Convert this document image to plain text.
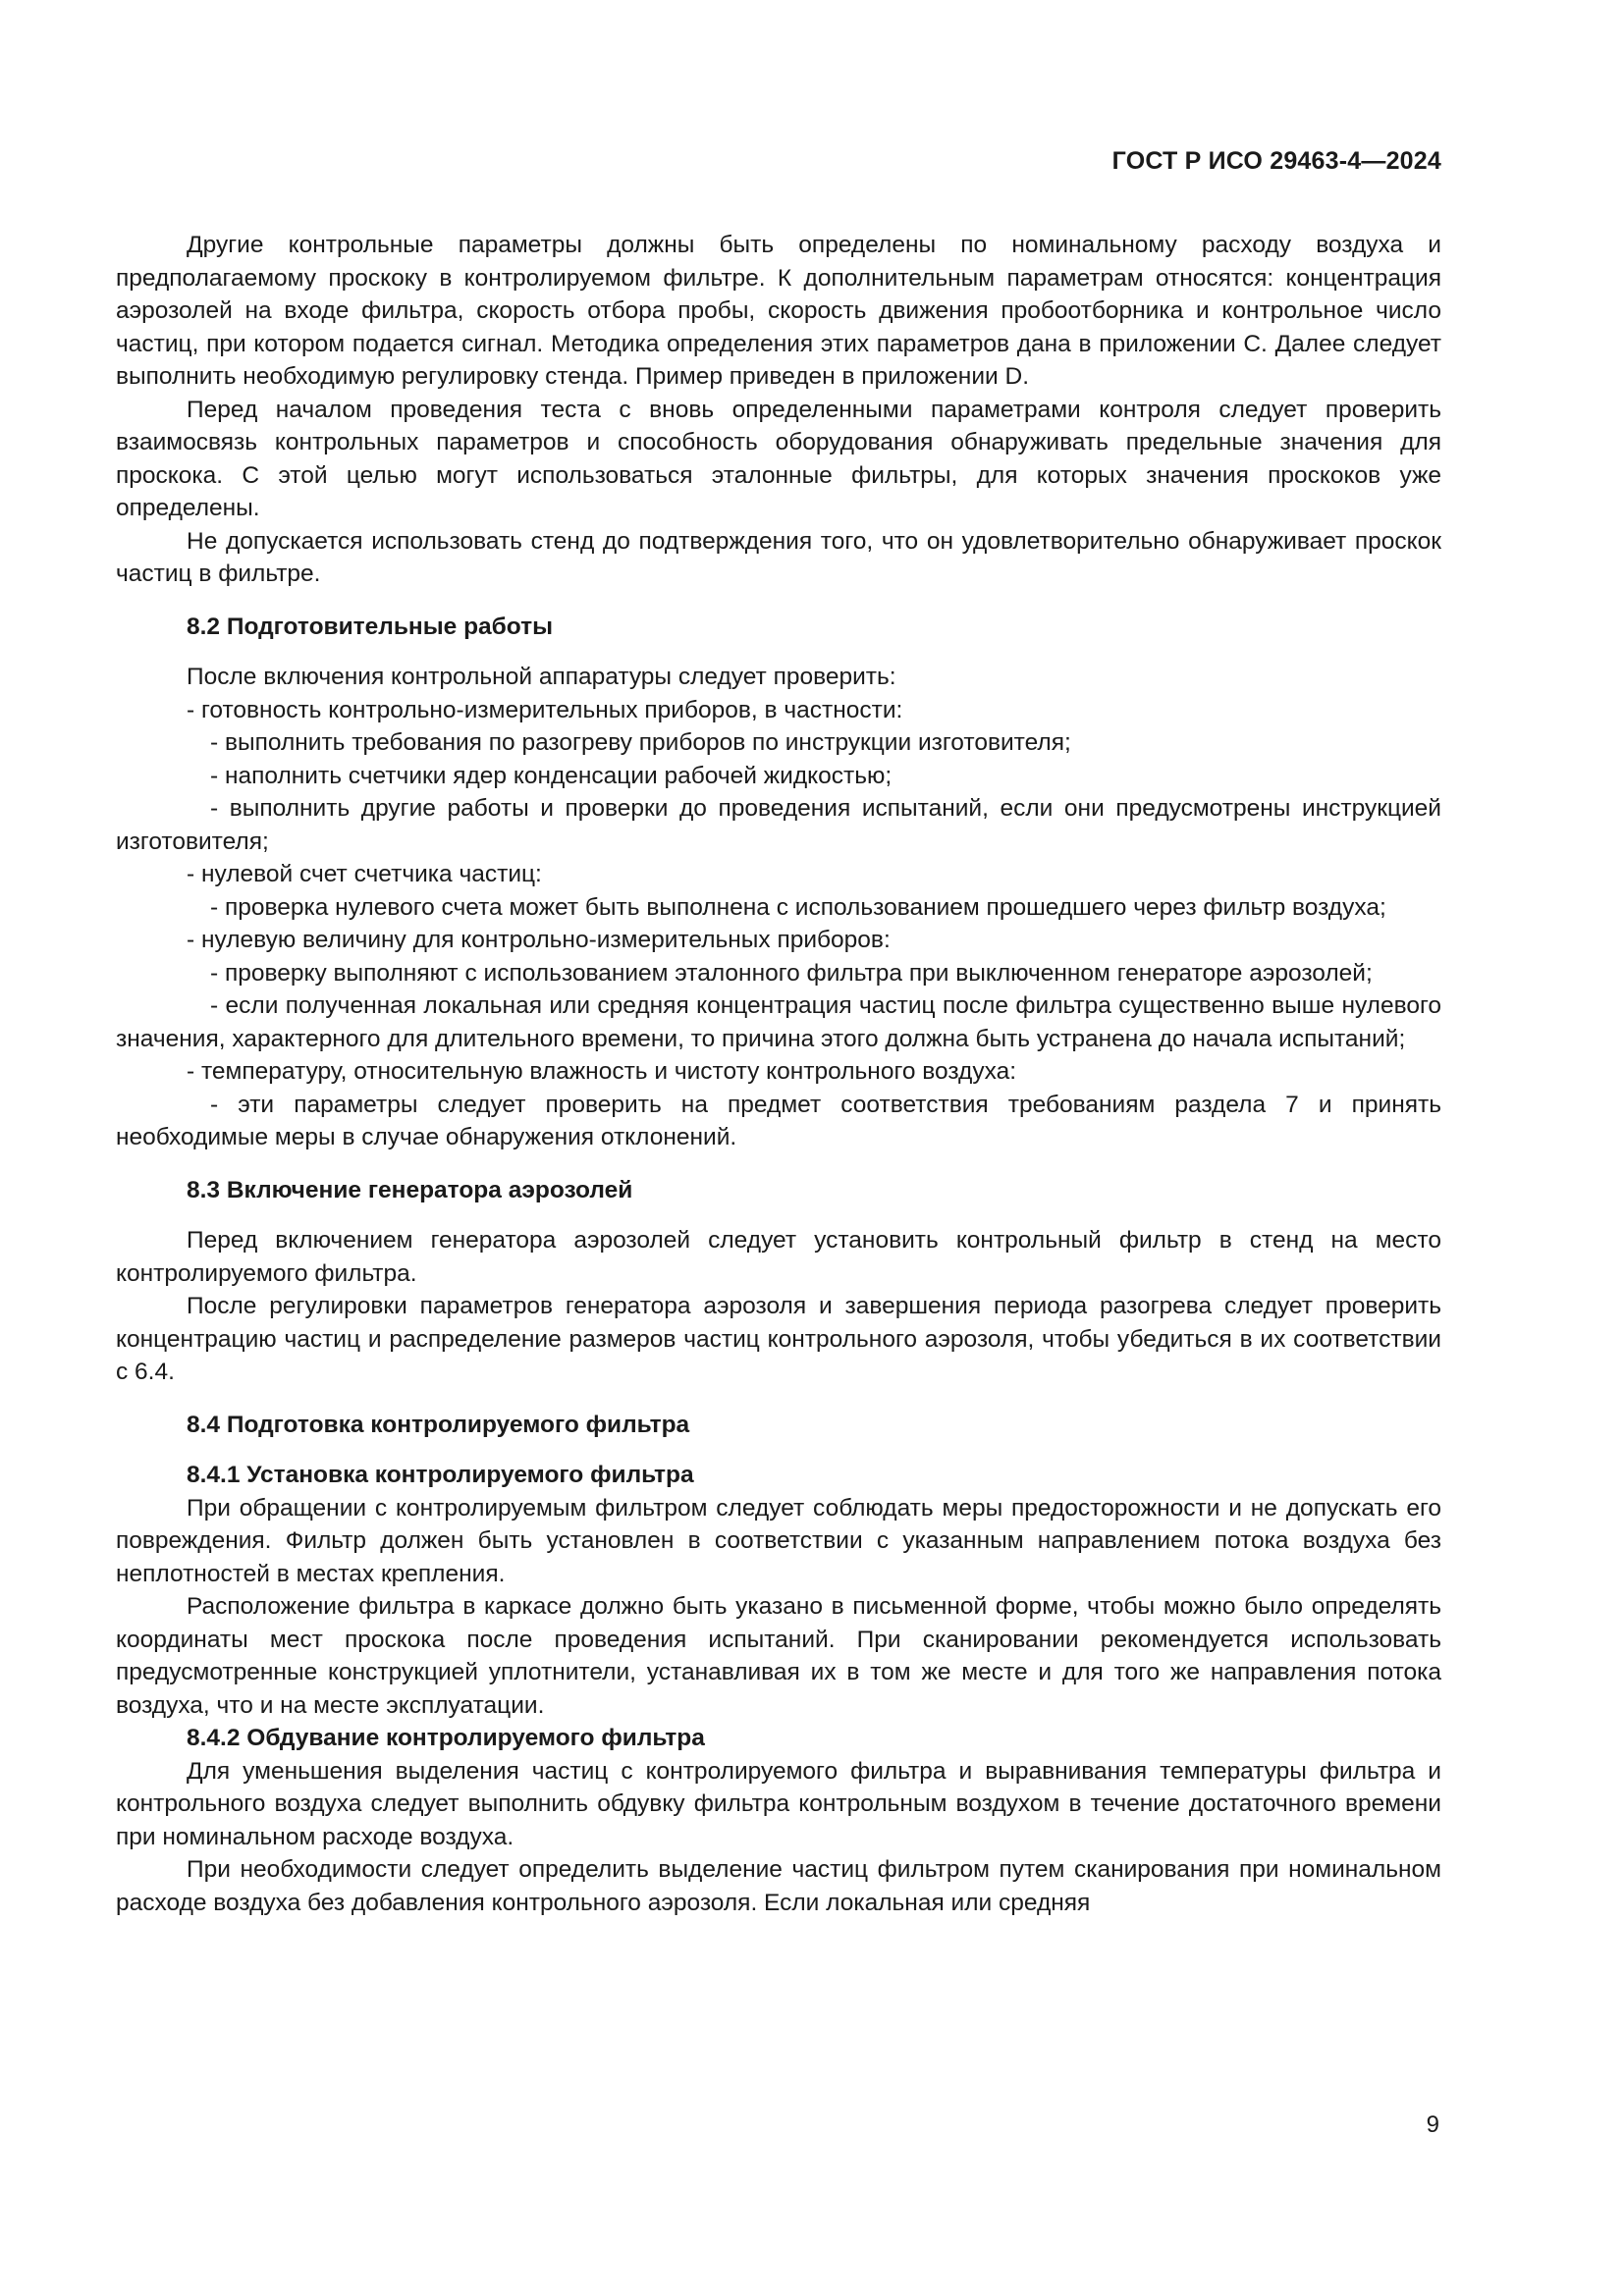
ГОСТ Р ИСО 29463-4—2024

Другие контрольные параметры должны быть определены по номинальному расходу воздуха и предполагаемому проскоку в контролируемом фильтре. К дополнительным параметрам относятся: концентрация аэрозолей на входе фильтра, скорость отбора пробы, скорость движения пробоотборника и контрольное число частиц, при котором подается сигнал. Методика определения этих параметров дана в приложении С. Далее следует выполнить необходимую регулировку стенда. Пример приведен в приложении D.

Перед началом проведения теста с вновь определенными параметрами контроля следует проверить взаимосвязь контрольных параметров и способность оборудования обнаруживать предельные значения для проскока. С этой целью могут использоваться эталонные фильтры, для которых значения проскоков уже определены.

Не допускается использовать стенд до подтверждения того, что он удовлетворительно обнаруживает проскок частиц в фильтре.

8.2 Подготовительные работы

После включения контрольной аппаратуры следует проверить:

- готовность контрольно-измерительных приборов, в частности:

- выполнить требования по разогреву приборов по инструкции изготовителя;

- наполнить счетчики ядер конденсации рабочей жидкостью;

- выполнить другие работы и проверки до проведения испытаний, если они предусмотрены инструкцией изготовителя;

- нулевой счет счетчика частиц:

- проверка нулевого счета может быть выполнена с использованием прошедшего через фильтр воздуха;

- нулевую величину для контрольно-измерительных приборов:

- проверку выполняют с использованием эталонного фильтра при выключенном генераторе аэрозолей;

- если полученная локальная или средняя концентрация частиц после фильтра существенно выше нулевого значения, характерного для длительного времени, то причина этого должна быть устранена до начала испытаний;

- температуру, относительную влажность и чистоту контрольного воздуха:

- эти параметры следует проверить на предмет соответствия требованиям раздела 7 и принять необходимые меры в случае обнаружения отклонений.

8.3 Включение генератора аэрозолей

Перед включением генератора аэрозолей следует установить контрольный фильтр в стенд на место контролируемого фильтра.

После регулировки параметров генератора аэрозоля и завершения периода разогрева следует проверить концентрацию частиц и распределение размеров частиц контрольного аэрозоля, чтобы убедиться в их соответствии с 6.4.

8.4 Подготовка контролируемого фильтра

8.4.1 Установка контролируемого фильтра

При обращении с контролируемым фильтром следует соблюдать меры предосторожности и не допускать его повреждения. Фильтр должен быть установлен в соответствии с указанным направлением потока воздуха без неплотностей в местах крепления.

Расположение фильтра в каркасе должно быть указано в письменной форме, чтобы можно было определять координаты мест проскока после проведения испытаний. При сканировании рекомендуется использовать предусмотренные конструкцией уплотнители, устанавливая их в том же месте и для того же направления потока воздуха, что и на месте эксплуатации.

8.4.2 Обдувание контролируемого фильтра

Для уменьшения выделения частиц с контролируемого фильтра и выравнивания температуры фильтра и контрольного воздуха следует выполнить обдувку фильтра контрольным воздухом в течение достаточного времени при номинальном расходе воздуха.

При необходимости следует определить выделение частиц фильтром путем сканирования при номинальном расходе воздуха без добавления контрольного аэрозоля. Если локальная или средняя

9
